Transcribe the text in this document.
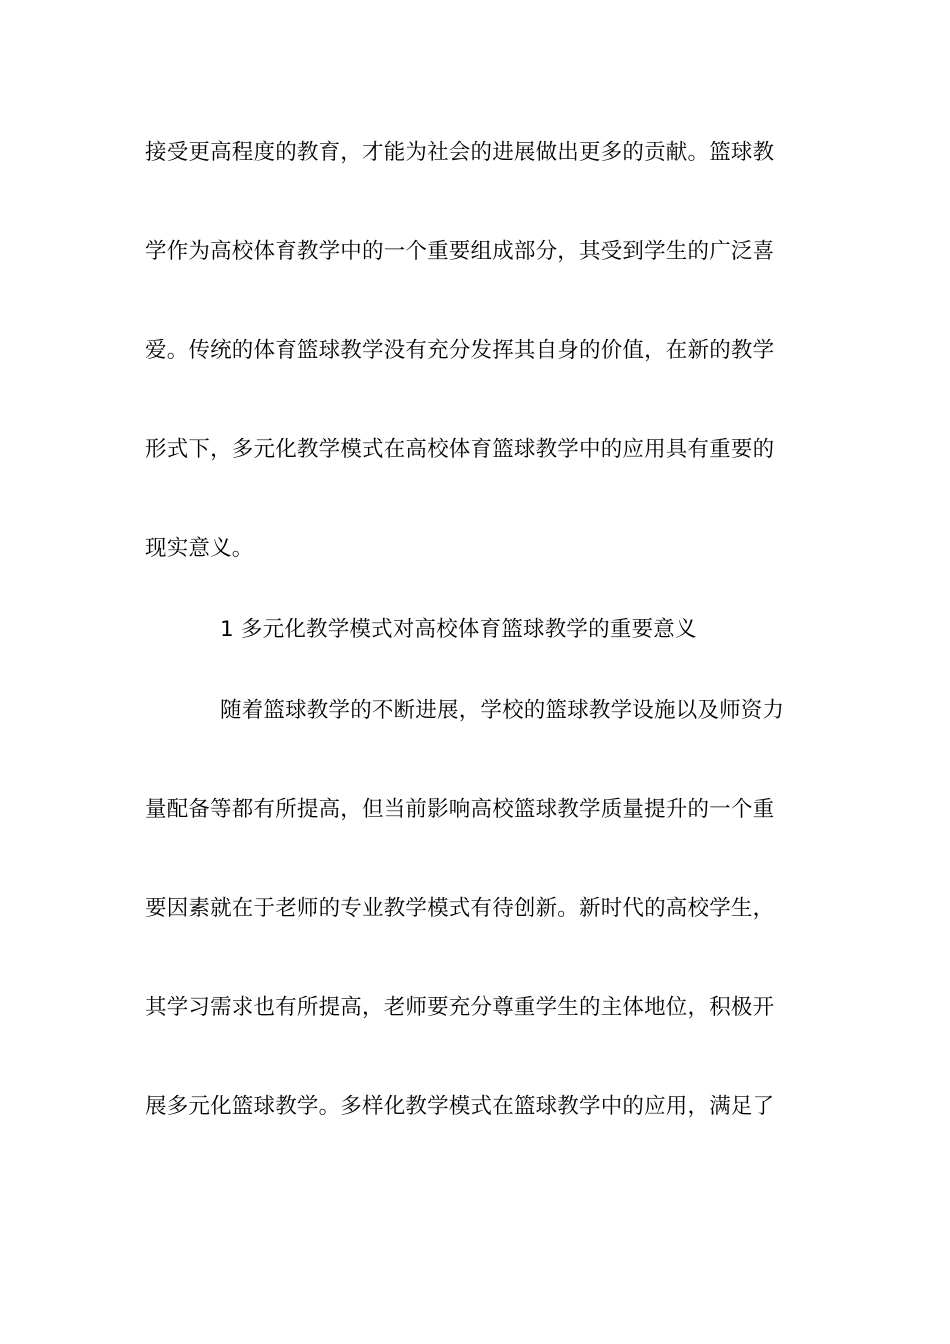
接受更高程度的教育，才能为社会的进展做出更多的贡献。篮球教
学作为高校体育教学中的一个重要组成部分，其受到学生的广泛喜
爱。传统的体育篮球教学没有充分发挥其自身的价值，在新的教学
形式下，多元化教学模式在高校体育篮球教学中的应用具有重要的
现实意义。
1 多元化教学模式对高校体育篮球教学的重要意义
随着篮球教学的不断进展，学校的篮球教学设施以及师资力
量配备等都有所提高，但当前影响高校篮球教学质量提升的一个重
要因素就在于老师的专业教学模式有待创新。新时代的高校学生，
其学习需求也有所提高，老师要充分尊重学生的主体地位，积极开
展多元化篮球教学。多样化教学模式在篮球教学中的应用，满足了
